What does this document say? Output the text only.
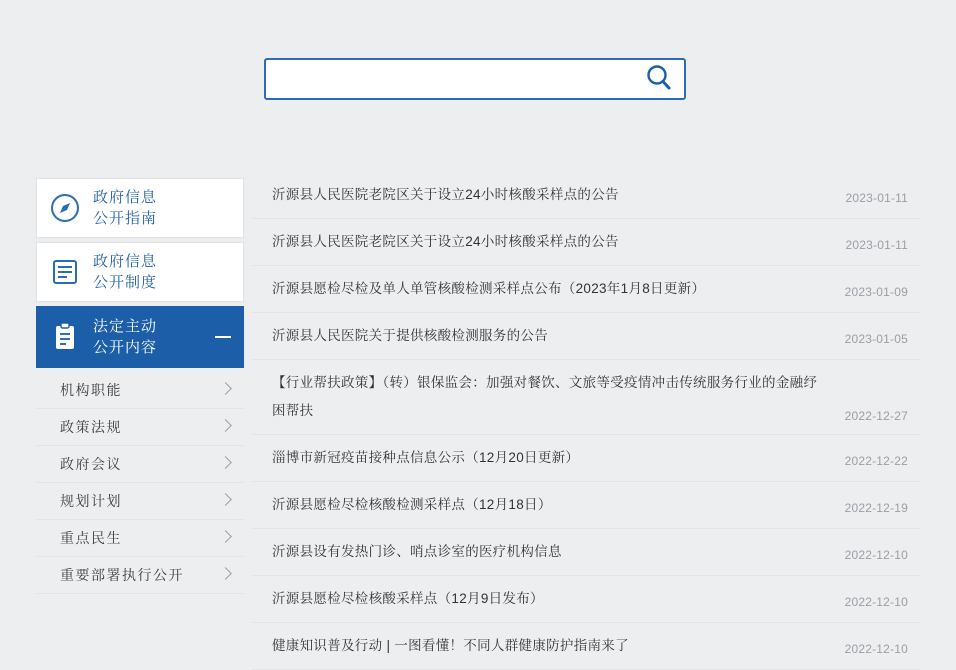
政府信息
公开指南
政府信息
公开制度
法定主动
公开内容
机构职能
政策法规
政府会议
规划计划
重点民生
重要部署执行公开
沂源县人民医院老院区关于设立24小时核酸采样点的公告	2023-01-11
沂源县人民医院老院区关于设立24小时核酸采样点的公告	2023-01-11
沂源县愿检尽检及单人单管核酸检测采样点公布（2023年1月8日更新）	2023-01-09
沂源县人民医院关于提供核酸检测服务的公告	2023-01-05
【行业帮扶政策】（转）银保监会：加强对餐饮、文旅等受疫情冲击传统服务行业的金融纾困帮扶	2022-12-27
淄博市新冠疫苗接种点信息公示（12月20日更新）	2022-12-22
沂源县愿检尽检核酸检测采样点（12月18日）	2022-12-19
沂源县设有发热门诊、哨点诊室的医疗机构信息	2022-12-10
沂源县愿检尽检核酸采样点（12月9日发布）	2022-12-10
健康知识普及行动 | 一图看懂！不同人群健康防护指南来了	2022-12-10
